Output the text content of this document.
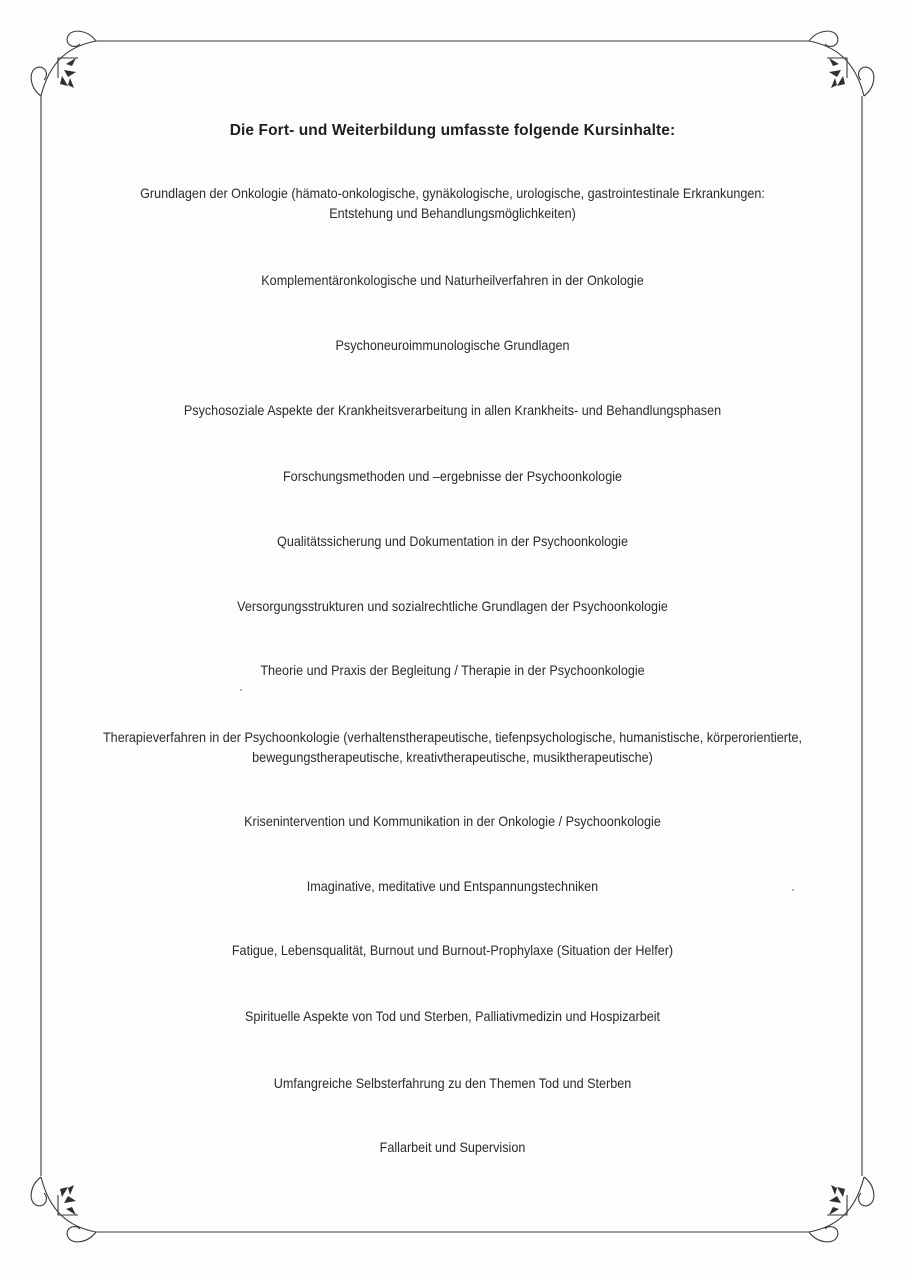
Die Fort- und Weiterbildung umfasste folgende Kursinhalte:
Grundlagen der Onkologie (hämato-onkologische, gynäkologische, urologische, gastrointestinale Erkrankungen:
Entstehung und Behandlungsmöglichkeiten)
Komplementäronkologische und Naturheilverfahren in der Onkologie
Psychoneuroimmunologische Grundlagen
Psychosoziale Aspekte der Krankheitsverarbeitung in allen Krankheits- und Behandlungsphasen
Forschungsmethoden und –ergebnisse der Psychoonkologie
Qualitätssicherung und Dokumentation in der Psychoonkologie
Versorgungsstrukturen und sozialrechtliche Grundlagen der Psychoonkologie
Theorie und Praxis der Begleitung / Therapie in der Psychoonkologie
Therapieverfahren in der Psychoonkologie (verhaltenstherapeutische, tiefenpsychologische, humanistische, körperorientierte,
bewegungstherapeutische, kreativtherapeutische, musiktherapeutische)
Krisenintervention und Kommunikation in der Onkologie / Psychoonkologie
Imaginative, meditative und Entspannungstechniken
Fatigue, Lebensqualität, Burnout und Burnout-Prophylaxe (Situation der Helfer)
Spirituelle Aspekte von Tod und Sterben, Palliativmedizin und Hospizarbeit
Umfangreiche Selbsterfahrung zu den Themen Tod und Sterben
Fallarbeit und Supervision
